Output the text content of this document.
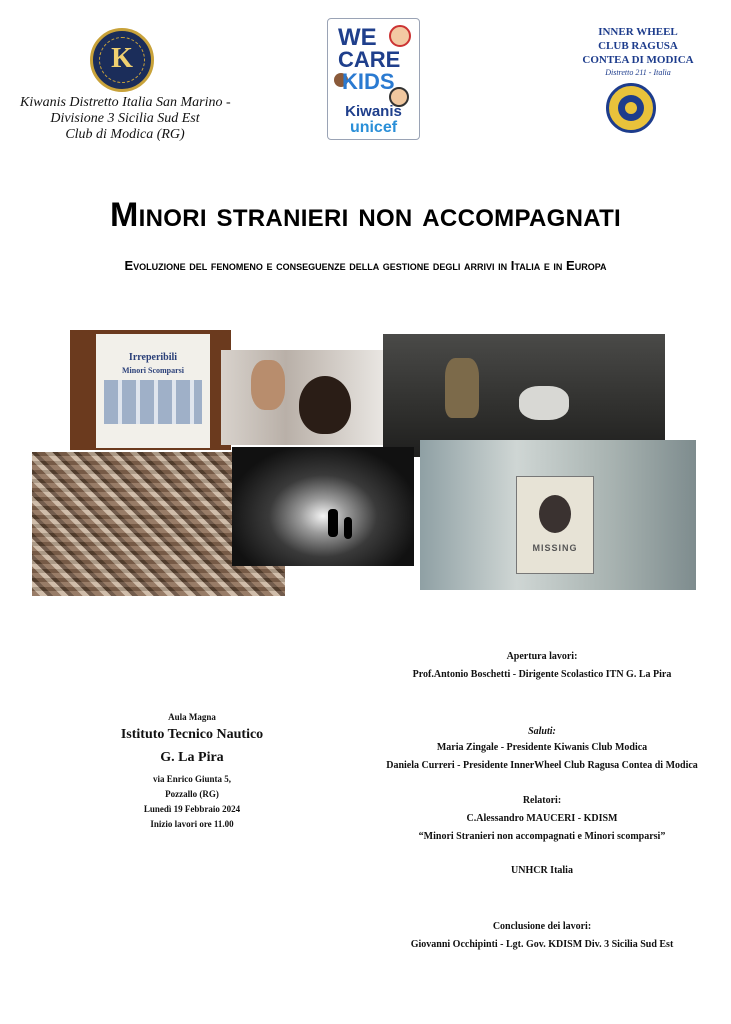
K
Kiwanis Distretto Italia San Marino -
Divisione 3 Sicilia Sud Est
Club di Modica (RG)
WE
CARE
KIDS
Kiwanis
unicef
INNER WHEEL
CLUB RAGUSA
CONTEA DI MODICA
Distretto 211 - Italia
Minori stranieri non accompagnati
Evoluzione del fenomeno e conseguenze della gestione degli arrivi in Italia e in Europa
Irreperibili
Minori Scomparsi
MISSING
Aula Magna
Istituto Tecnico Nautico
G. La Pira
via Enrico Giunta 5,
Pozzallo (RG)
Lunedì 19 Febbraio 2024
Inizio lavori ore 11.00
Apertura lavori:
Prof.Antonio Boschetti - Dirigente Scolastico ITN G. La Pira
Saluti:
Maria Zingale - Presidente Kiwanis Club Modica
Daniela Curreri - Presidente InnerWheel Club Ragusa Contea di Modica
Relatori:
C.Alessandro MAUCERI - KDISM
“Minori Stranieri non accompagnati e Minori scomparsi”
UNHCR Italia
Conclusione dei lavori:
Giovanni Occhipinti - Lgt. Gov. KDISM Div. 3 Sicilia Sud Est
